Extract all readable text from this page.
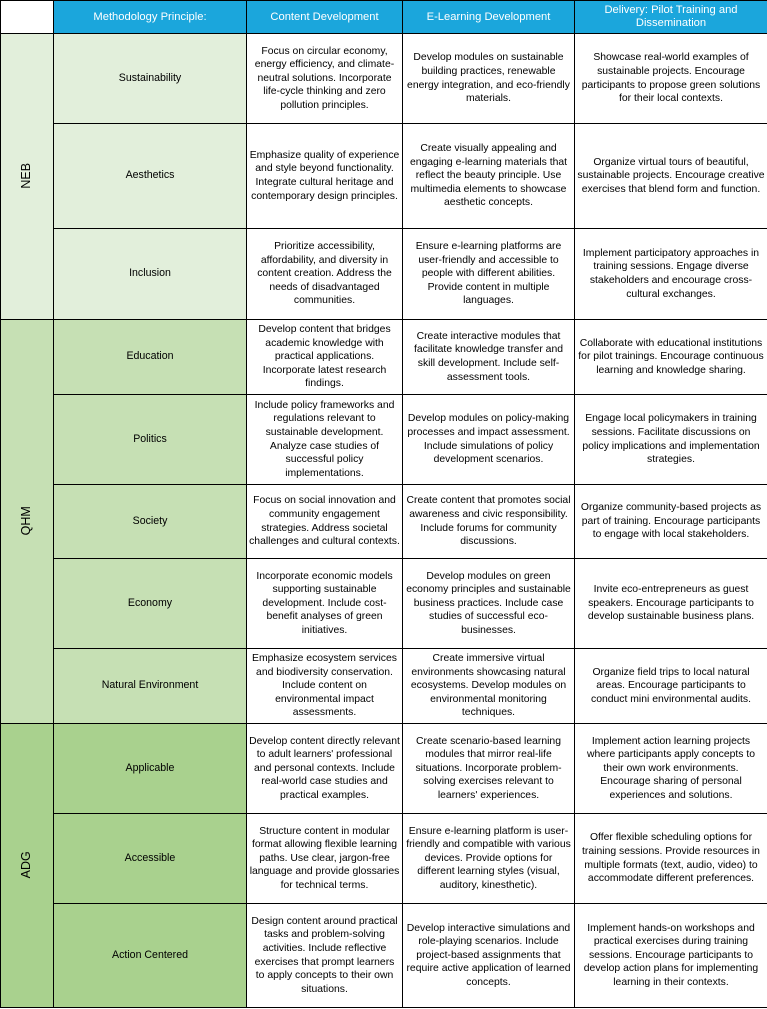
	Methodology Principle:	Content Development	E-Learning Development	Delivery: Pilot Training and Dissemination
NEB	Sustainability	Focus on circular economy, energy efficiency, and climate-neutral solutions. Incorporate life-cycle thinking and zero pollution principles.	Develop modules on sustainable building practices, renewable energy integration, and eco-friendly materials.	Showcase real-world examples of sustainable projects. Encourage participants to propose green solutions for their local contexts.
	Aesthetics	Emphasize quality of experience and style beyond functionality. Integrate cultural heritage and contemporary design principles.	Create visually appealing and engaging e-learning materials that reflect the beauty principle. Use multimedia elements to showcase aesthetic concepts.	Organize virtual tours of beautiful, sustainable projects. Encourage creative exercises that blend form and function.
	Inclusion	Prioritize accessibility, affordability, and diversity in content creation. Address the needs of disadvantaged communities.	Ensure e-learning platforms are user-friendly and accessible to people with different abilities. Provide content in multiple languages.	Implement participatory approaches in training sessions. Engage diverse stakeholders and encourage cross-cultural exchanges.
QHM	Education	Develop content that bridges academic knowledge with practical applications. Incorporate latest research findings.	Create interactive modules that facilitate knowledge transfer and skill development. Include self-assessment tools.	Collaborate with educational institutions for pilot trainings. Encourage continuous learning and knowledge sharing.
	Politics	Include policy frameworks and regulations relevant to sustainable development. Analyze case studies of successful policy implementations.	Develop modules on policy-making processes and impact assessment. Include simulations of policy development scenarios.	Engage local policymakers in training sessions. Facilitate discussions on policy implications and implementation strategies.
	Society	Focus on social innovation and community engagement strategies. Address societal challenges and cultural contexts.	Create content that promotes social awareness and civic responsibility. Include forums for community discussions.	Organize community-based projects as part of training. Encourage participants to engage with local stakeholders.
	Economy	Incorporate economic models supporting sustainable development. Include cost-benefit analyses of green initiatives.	Develop modules on green economy principles and sustainable business practices. Include case studies of successful eco-businesses.	Invite eco-entrepreneurs as guest speakers. Encourage participants to develop sustainable business plans.
	Natural Environment	Emphasize ecosystem services and biodiversity conservation. Include content on environmental impact assessments.	Create immersive virtual environments showcasing natural ecosystems. Develop modules on environmental monitoring techniques.	Organize field trips to local natural areas. Encourage participants to conduct mini environmental audits.
ADG	Applicable	Develop content directly relevant to adult learners' professional and personal contexts. Include real-world case studies and practical examples.	Create scenario-based learning modules that mirror real-life situations. Incorporate problem-solving exercises relevant to learners' experiences.	Implement action learning projects where participants apply concepts to their own work environments. Encourage sharing of personal experiences and solutions.
	Accessible	Structure content in modular format allowing flexible learning paths. Use clear, jargon-free language and provide glossaries for technical terms.	Ensure e-learning platform is user-friendly and compatible with various devices. Provide options for different learning styles (visual, auditory, kinesthetic).	Offer flexible scheduling options for training sessions. Provide resources in multiple formats (text, audio, video) to accommodate different preferences.
	Action Centered	Design content around practical tasks and problem-solving activities. Include reflective exercises that prompt learners to apply concepts to their own situations.	Develop interactive simulations and role-playing scenarios. Include project-based assignments that require active application of learned concepts.	Implement hands-on workshops and practical exercises during training sessions. Encourage participants to develop action plans for implementing learning in their contexts.
